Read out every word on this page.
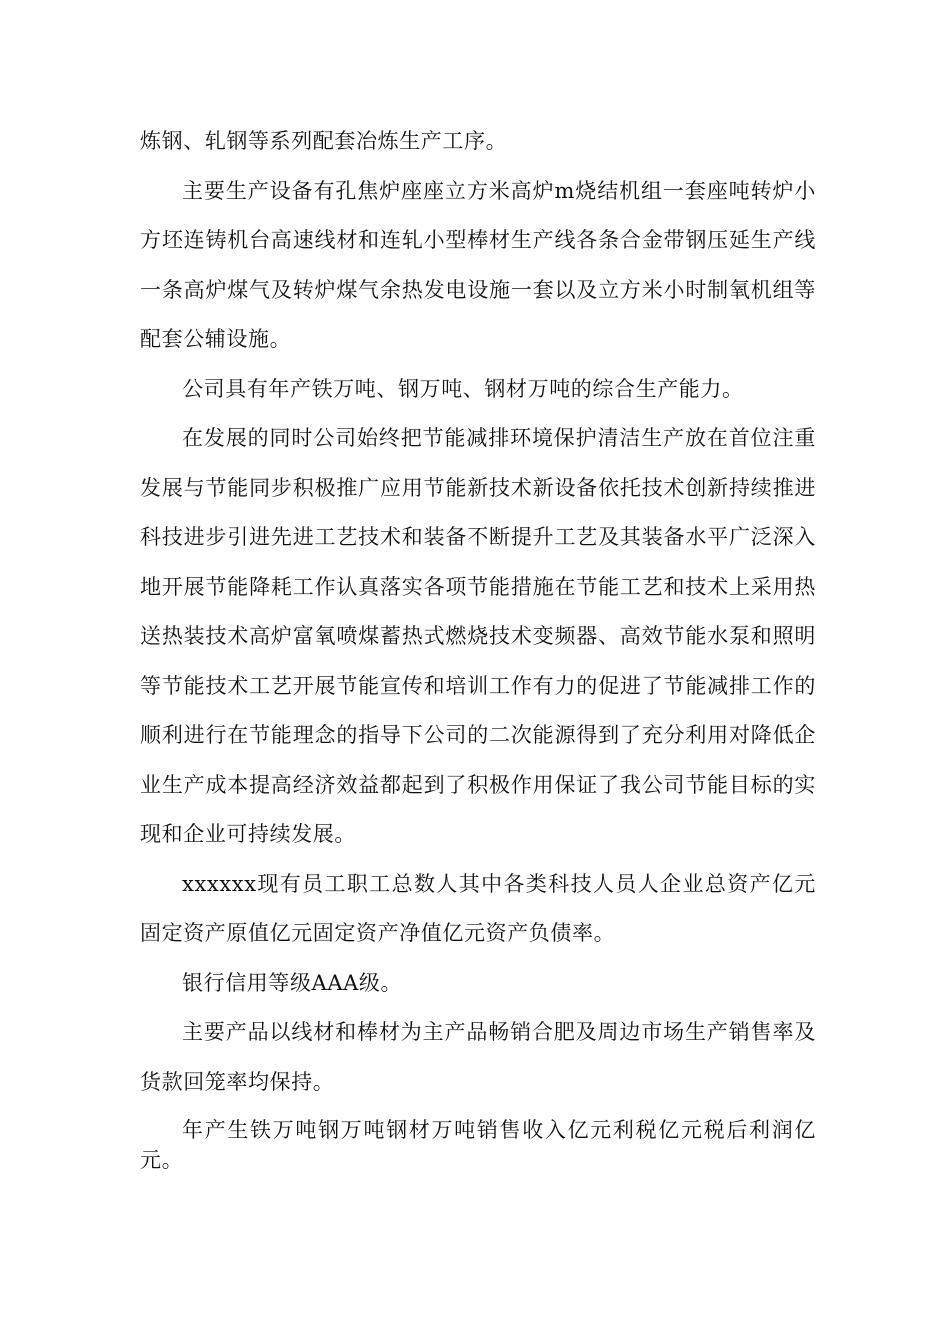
炼钢、轧钢等系列配套冶炼生产工序。

主要生产设备有孔焦炉座座立方米高炉m烧结机组一套座吨转炉小方坯连铸机台高速线材和连轧小型棒材生产线各条合金带钢压延生产线一条高炉煤气及转炉煤气余热发电设施一套以及立方米小时制氧机组等配套公辅设施。

公司具有年产铁万吨、钢万吨、钢材万吨的综合生产能力。

在发展的同时公司始终把节能减排环境保护清洁生产放在首位注重发展与节能同步积极推广应用节能新技术新设备依托技术创新持续推进科技进步引进先进工艺技术和装备不断提升工艺及其装备水平广泛深入地开展节能降耗工作认真落实各项节能措施在节能工艺和技术上采用热送热装技术高炉富氧喷煤蓄热式燃烧技术变频器、高效节能水泵和照明等节能技术工艺开展节能宣传和培训工作有力的促进了节能减排工作的顺利进行在节能理念的指导下公司的二次能源得到了充分利用对降低企业生产成本提高经济效益都起到了积极作用保证了我公司节能目标的实现和企业可持续发展。

xxxxxx现有员工职工总数人其中各类科技人员人企业总资产亿元固定资产原值亿元固定资产净值亿元资产负债率。

银行信用等级AAA级。

主要产品以线材和棒材为主产品畅销合肥及周边市场生产销售率及货款回笼率均保持。

年产生铁万吨钢万吨钢材万吨销售收入亿元利税亿元税后利润亿元。
